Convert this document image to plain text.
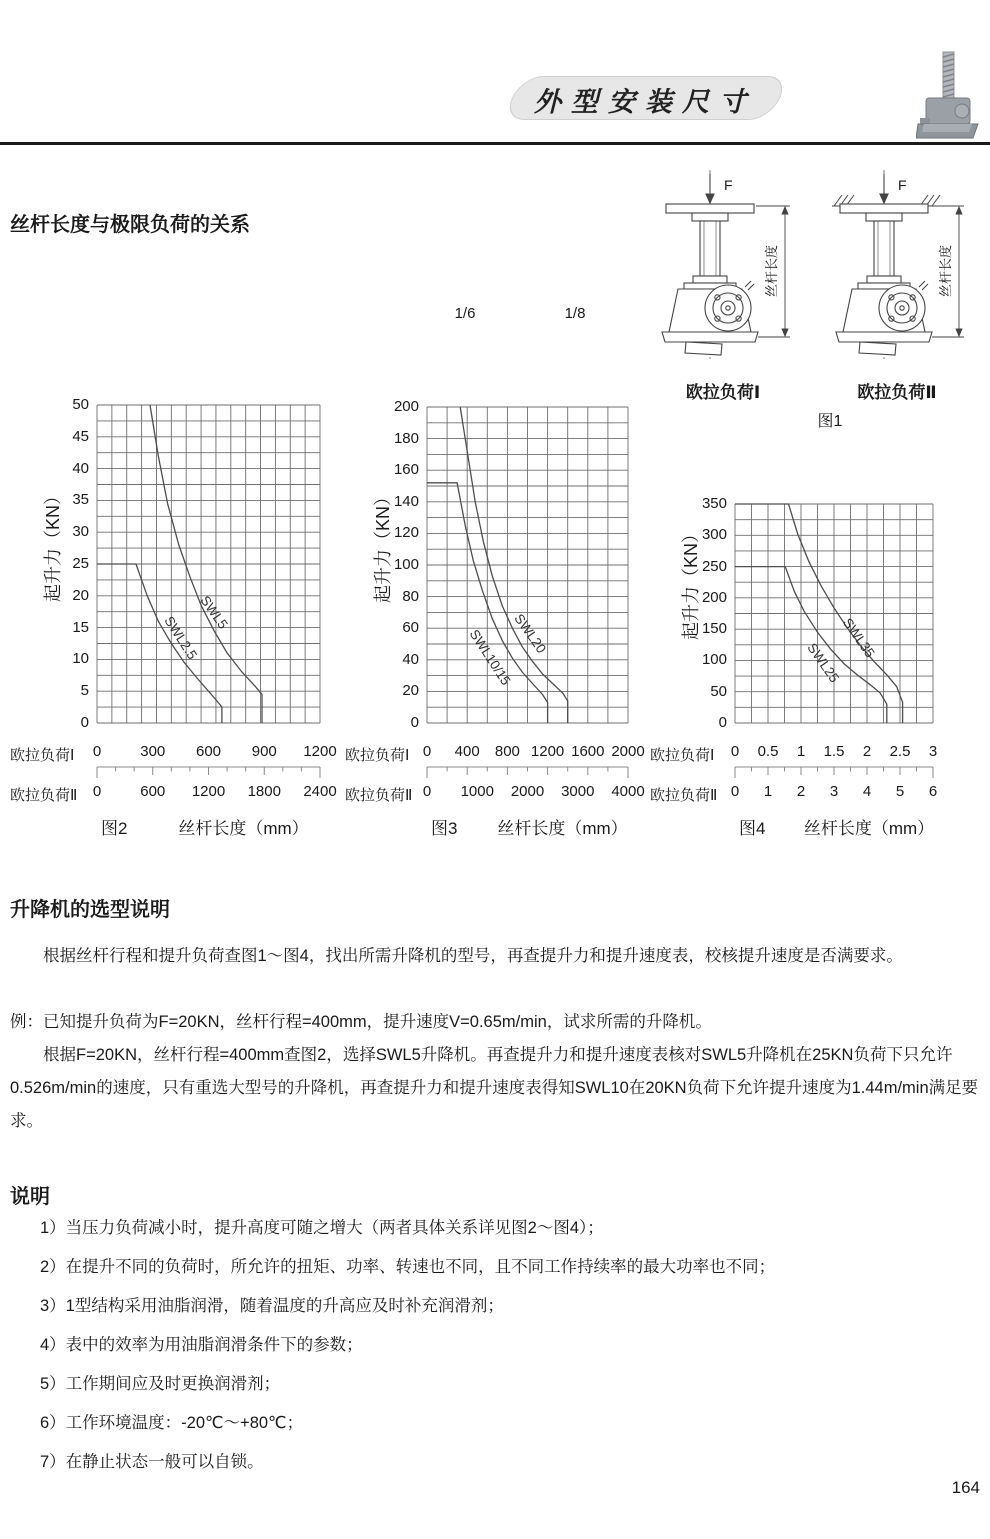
外型安装尺寸
丝杆长度与极限负荷的关系
F
丝杆长度
F
丝杆长度
欧拉负荷Ⅰ	欧拉负荷Ⅱ
图1
1/6	1/8
SWL2.5
SWL5
0
5
10
15
20
25
30
35
40
45
50
起升力（KN）
欧拉负荷Ⅰ
欧拉负荷Ⅱ
0	300	600	900	1200
0	600	1200	1800	2400
图2	丝杆长度（mm）
SWL10/15
SWL20
0
20
40
60
80
100
120
140
160
180
200
起升力（KN）
欧拉负荷Ⅰ
欧拉负荷Ⅱ
0	400	800 1200 1600 2000
0	1000	2000	3000	4000
图3	丝杆长度（mm）
SWL25
SWL35
0
50
100
150
200
250
300
350
起升力（KN）
欧拉负荷Ⅰ
欧拉负荷Ⅱ
0	0.5	1	1.5	2	2.5	3
0	1	2	3	4	5	6
图4	丝杆长度（mm）
升降机的选型说明
根据丝杆行程和提升负荷查图1～图4，找出所需升降机的型号，再查提升力和提升速度表，校核提升速度是否满要求。
例：已知提升负荷为F=20KN，丝杆行程=400mm，提升速度V=0.65m/min，试求所需的升降机。
根据F=20KN，丝杆行程=400mm查图2，选择SWL5升降机。再查提升力和提升速度表核对SWL5升降机在25KN负荷下只允许0.526m/min的速度，只有重选大型号的升降机，再查提升力和提升速度表得知SWL10在20KN负荷下允许提升速度为1.44m/min满足要求。
说明
1）当压力负荷减小时，提升高度可随之增大（两者具体关系详见图2～图4）；
2）在提升不同的负荷时，所允许的扭矩、功率、转速也不同，且不同工作持续率的最大功率也不同；
3）1型结构采用油脂润滑，随着温度的升高应及时补充润滑剂；
4）表中的效率为用油脂润滑条件下的参数；
5）工作期间应及时更换润滑剂；
6）工作环境温度：-20℃～+80℃；
7）在静止状态一般可以自锁。
164
